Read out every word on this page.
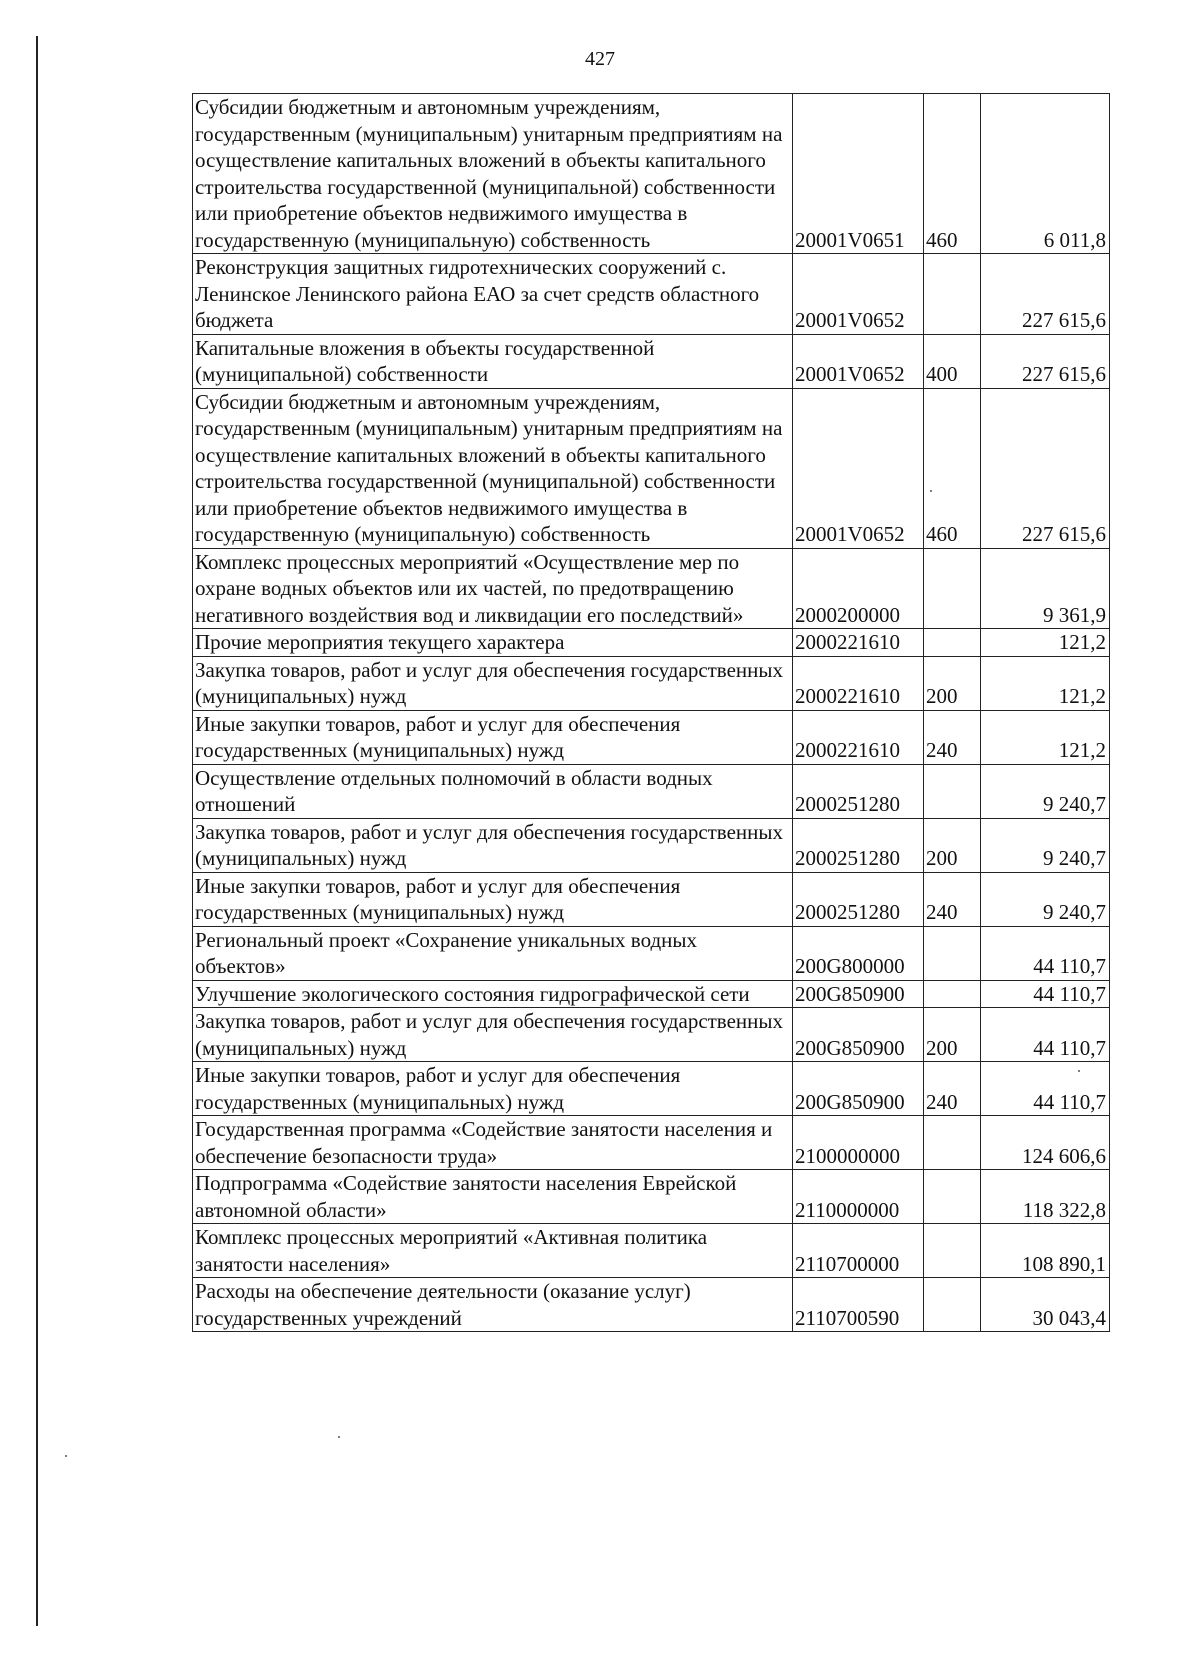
427
Субсидии бюджетным и автономным учреждениям, государственным (муниципальным) унитарным предприятиям на осуществление капитальных вложений в объекты капитального строительства государственной (муниципальной) собственности или приобретение объектов недвижимого имущества в государственную (муниципальную) собственность	20001V0651	460	6 011,8
Реконструкция защитных гидротехнических сооружений с. Ленинское Ленинского района ЕАО за счет средств областного бюджета	20001V0652		227 615,6
Капитальные вложения в объекты государственной (муниципальной) собственности	20001V0652	400	227 615,6
Субсидии бюджетным и автономным учреждениям, государственным (муниципальным) унитарным предприятиям на осуществление капитальных вложений в объекты капитального строительства государственной (муниципальной) собственности или приобретение объектов недвижимого имущества в государственную (муниципальную) собственность	20001V0652	460	227 615,6
Комплекс процессных мероприятий «Осуществление мер по охране водных объектов или их частей, по предотвращению негативного воздействия вод и ликвидации его последствий»	2000200000		9 361,9
Прочие мероприятия текущего характера	2000221610		121,2
Закупка товаров, работ и услуг для обеспечения государственных (муниципальных) нужд	2000221610	200	121,2
Иные закупки товаров, работ и услуг для обеспечения государственных (муниципальных) нужд	2000221610	240	121,2
Осуществление отдельных полномочий в области водных отношений	2000251280		9 240,7
Закупка товаров, работ и услуг для обеспечения государственных (муниципальных) нужд	2000251280	200	9 240,7
Иные закупки товаров, работ и услуг для обеспечения государственных (муниципальных) нужд	2000251280	240	9 240,7
Региональный проект «Сохранение уникальных водных объектов»	200G800000		44 110,7
Улучшение экологического состояния гидрографической сети	200G850900		44 110,7
Закупка товаров, работ и услуг для обеспечения государственных (муниципальных) нужд	200G850900	200	44 110,7
Иные закупки товаров, работ и услуг для обеспечения государственных (муниципальных) нужд	200G850900	240	44 110,7
Государственная программа «Содействие занятости населения и обеспечение безопасности труда»	2100000000		124 606,6
Подпрограмма «Содействие занятости населения Еврейской автономной области»	2110000000		118 322,8
Комплекс процессных мероприятий «Активная политика занятости населения»	2110700000		108 890,1
Расходы на обеспечение деятельности (оказание услуг) государственных учреждений	2110700590		30 043,4
